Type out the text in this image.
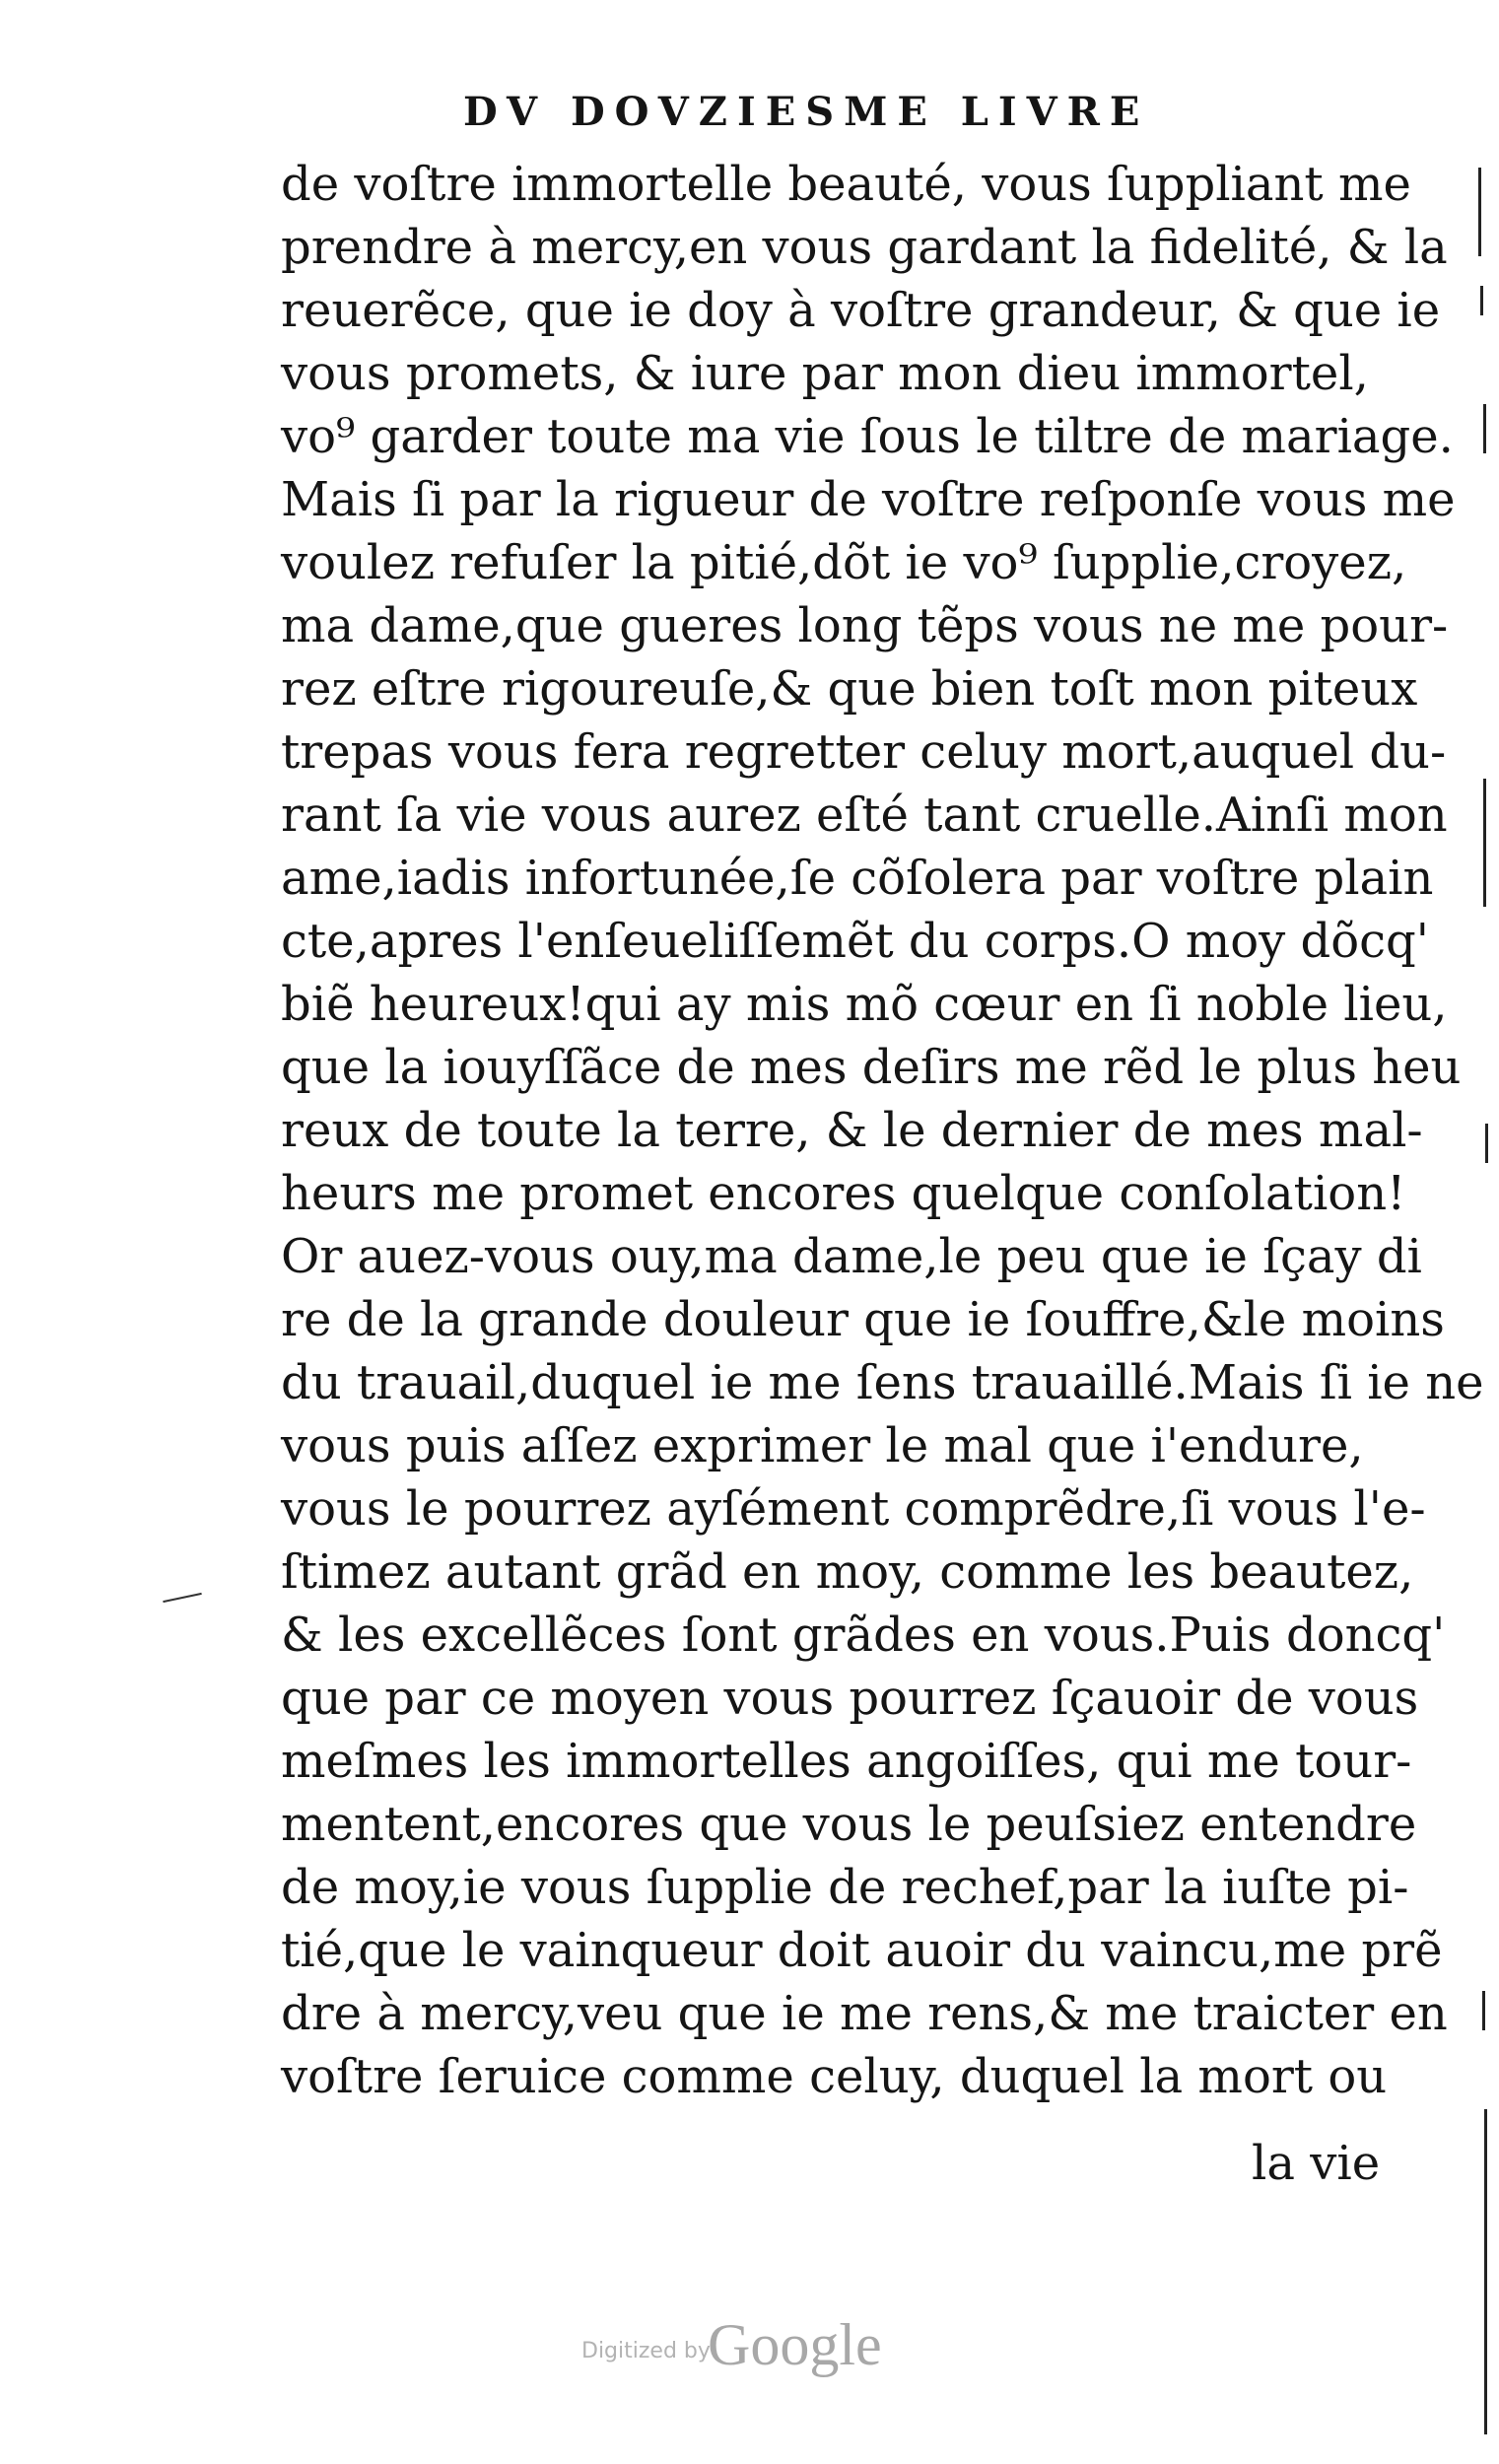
DV DOVZIESME LIVRE
de voſtre immortelle beauté, vous ſuppliant me
prendre à mercy,en vous gardant la fidelité, & la
reuerẽce, que ie doy à voſtre grandeur, & que ie
vous promets, & iure par mon dieu immortel,
vo⁹ garder toute ma vie ſous le tiltre de mariage.
Mais ſi par la rigueur de voſtre reſponſe vous me
voulez refuſer la pitié,dõt ie vo⁹ ſupplie,croyez,
ma dame,que gueres long tẽps vous ne me pour-
rez eſtre rigoureuſe,& que bien toſt mon piteux
trepas vous fera regretter celuy mort,auquel du-
rant ſa vie vous aurez eſté tant cruelle.Ainſi mon
ame,iadis infortunée,ſe cõſolera par voſtre plain
cte,apres l'enſeueliſſemẽt du corps.O moy dõcq'
biẽ heureux!qui ay mis mõ cœur en ſi noble lieu,
que la iouyſſãce de mes deſirs me rẽd le plus heu
reux de toute la terre, & le dernier de mes mal-
heurs me promet encores quelque conſolation!
Or auez-vous ouy,ma dame,le peu que ie ſçay di
re de la grande douleur que ie ſouffre,&le moins
du trauail,duquel ie me ſens trauaillé.Mais ſi ie ne
vous puis aſſez exprimer le mal que i'endure,
vous le pourrez ayſément comprẽdre,ſi vous l'e-
ſtimez autant grãd en moy, comme les beautez,
& les excellẽces ſont grãdes en vous.Puis doncq'
que par ce moyen vous pourrez ſçauoir de vous
meſmes les immortelles angoiſſes, qui me tour-
mentent,encores que vous le peuſsiez entendre
de moy,ie vous ſupplie de rechef,par la iuſte pi-
tié,que le vainqueur doit auoir du vaincu,me prẽ
dre à mercy,veu que ie me rens,& me traicter en
voſtre ſeruice comme celuy, duquel la mort ou
la vie
Digitized by
Google
